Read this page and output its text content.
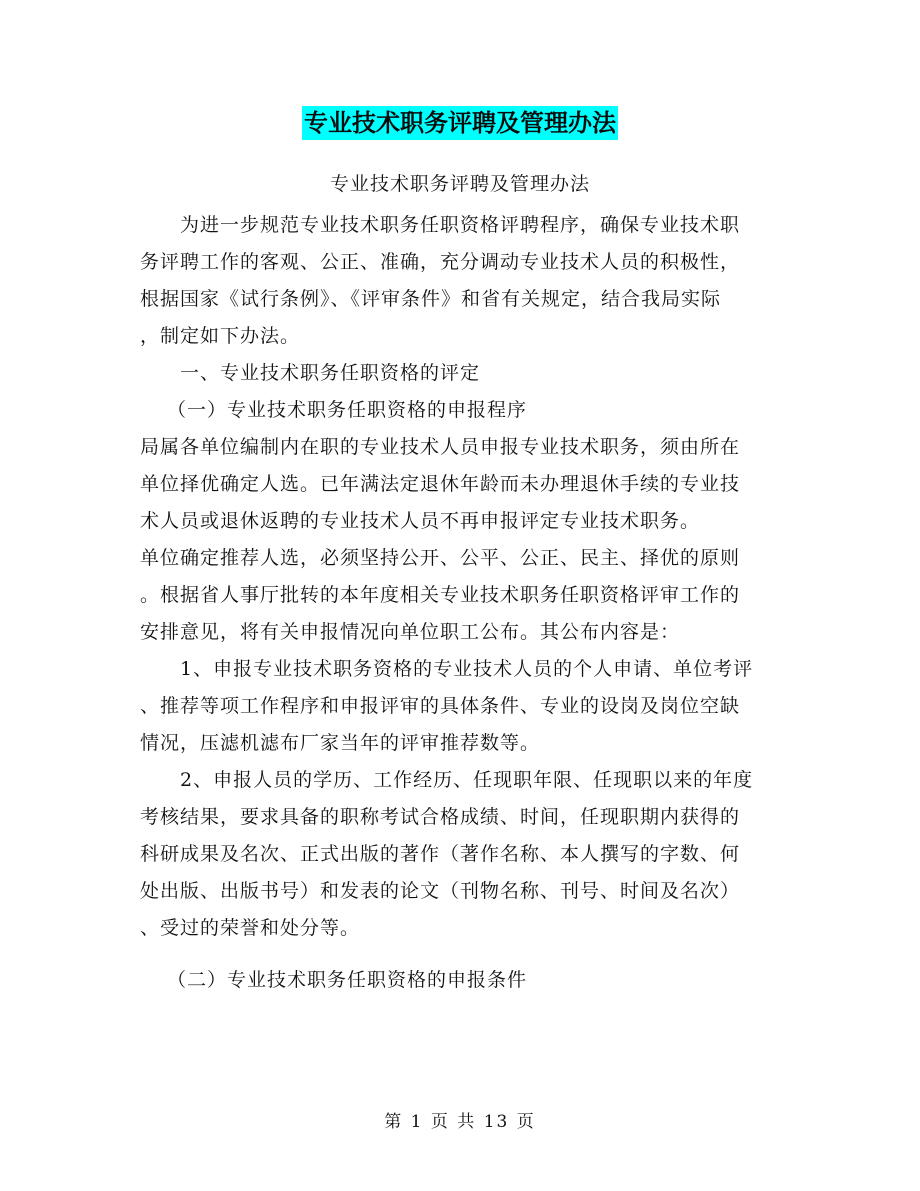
专业技术职务评聘及管理办法
专业技术职务评聘及管理办法

　　为进一步规范专业技术职务任职资格评聘程序，确保专业技术职

务评聘工作的客观、公正、准确，充分调动专业技术人员的积极性，

根据国家《试行条例》、《评审条件》和省有关规定，结合我局实际

，制定如下办法。

　　一、专业技术职务任职资格的评定

　 （一）专业技术职务任职资格的申报程序

局属各单位编制内在职的专业技术人员申报专业技术职务，须由所在

单位择优确定人选。已年满法定退休年龄而未办理退休手续的专业技

术人员或退休返聘的专业技术人员不再申报评定专业技术职务。

单位确定推荐人选，必须坚持公开、公平、公正、民主、择优的原则

。根据省人事厅批转的本年度相关专业技术职务任职资格评审工作的

安排意见，将有关申报情况向单位职工公布。其公布内容是：

　　1、申报专业技术职务资格的专业技术人员的个人申请、单位考评

、推荐等项工作程序和申报评审的具体条件、专业的设岗及岗位空缺

情况，压滤机滤布厂家当年的评审推荐数等。

　　2、申报人员的学历、工作经历、任现职年限、任现职以来的年度

考核结果，要求具备的职称考试合格成绩、时间，任现职期内获得的

科研成果及名次、正式出版的著作（著作名称、本人撰写的字数、何

处出版、出版书号）和发表的论文（刊物名称、刊号、时间及名次）

、受过的荣誉和处分等。

　 （二）专业技术职务任职资格的申报条件

第 1 页 共 13 页
